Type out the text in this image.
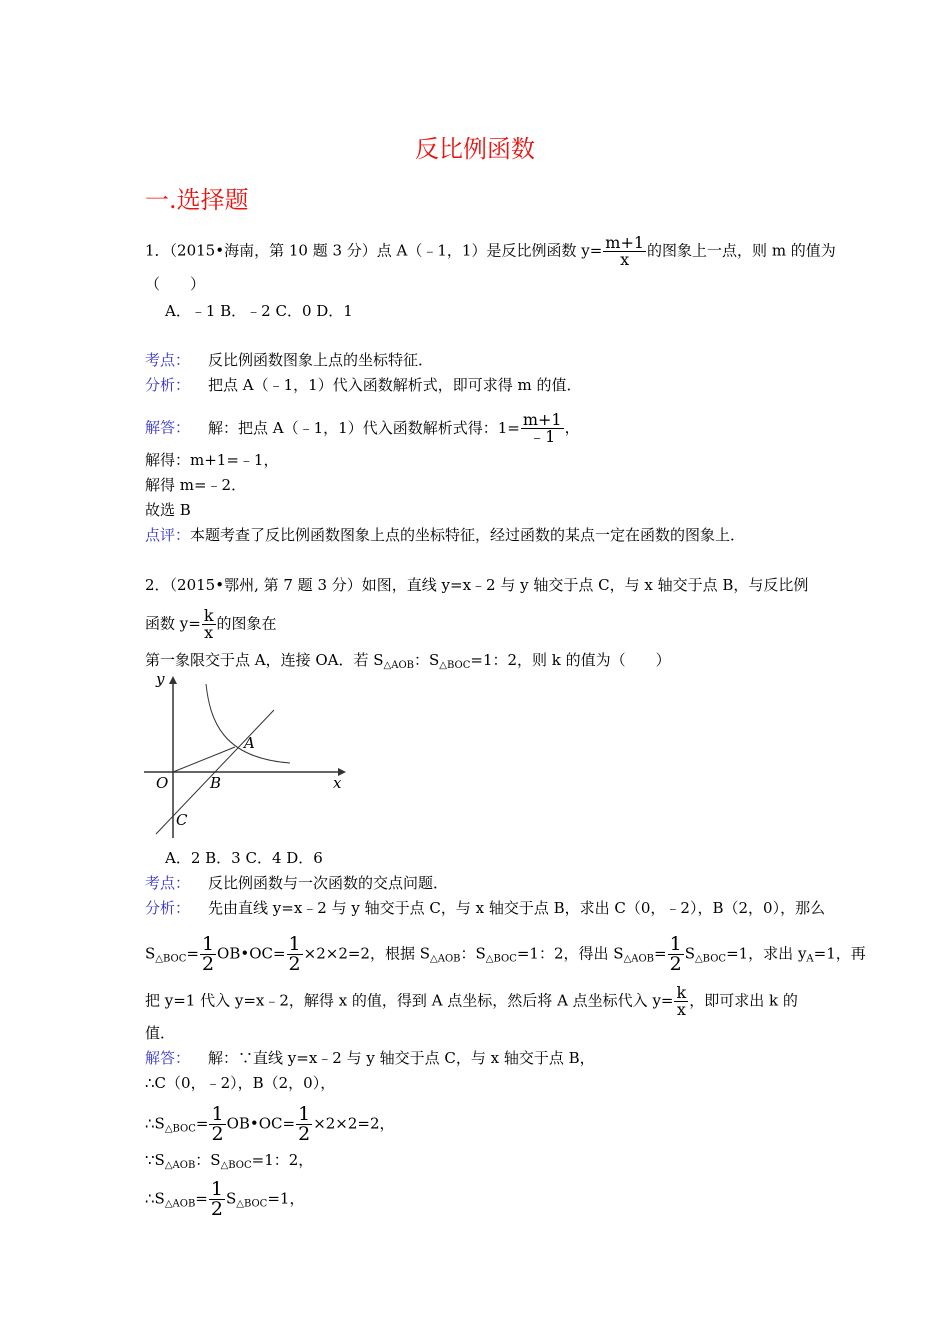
反比例函数
一.选择题
1．（2015•海南，第 10 题 3 分）点 A（﹣1，1）是反比例函数 $y= \frac{m+1}{x}$ 的图象上一点，则 m 的值为
（　　）
A．﹣1 B．﹣2 C．0 D．1
考点： 反比例函数图象上点的坐标特征．
分析： 把点 A（﹣1，1）代入函数解析式，即可求得 m 的值．
解答： 解：把点 A（﹣1，1）代入函数解析式得：$1= \frac{m+1}{﹣1}$ ，
解得：m+1=﹣1，
解得 m=﹣2．
故选 B
点评：本题考查了反比例函数图象上点的坐标特征，经过函数的某点一定在函数的图象上．
2．（2015•鄂州, 第 7 题 3 分）如图，直线 y=x﹣2 与 y 轴交于点 C，与 x 轴交于点 B，与反比例
函数 $y= \frac{k}{x}$ 的图象在
第一象限交于点 A，连接 OA．若 $S_{\triangle AOB}$：$S_{\triangle BOC}=1$：2，则 k 的值为（　　）
y
x
O
A
B
C
A．2 B．3 C．4 D．6
考点： 反比例函数与一次函数的交点问题．
分析： 先由直线 y=x﹣2 与 y 轴交于点 C，与 x 轴交于点 B，求出 C（0，﹣2），B（2，0），那么
$S_{\triangle BOC}= \frac{1}{2}$ OB•OC= $\frac{1}{2} \times 2\times 2=2$，根据 $S_{\triangle AOB}$：$S_{\triangle BOC}=1$：2，得出 $S_{\triangle AOB}= \frac{1}{2} S_{\triangle BOC}=1$，求出 $y_A=1$，再
把 y=1 代入 y=x﹣2，解得 x 的值，得到 A 点坐标，然后将 A 点坐标代入 $y= \frac{k}{x}$ ，即可求出 k 的
值．
解答： 解：∵直线 y=x﹣2 与 y 轴交于点 C，与 x 轴交于点 B，
∴C（0，﹣2），B（2，0），
$\therefore S_{\triangle BOC}= \frac{1}{2}$ OB•OC= $\frac{1}{2} \times 2\times 2=2$，
$\because S_{\triangle AOB}$：$S_{\triangle BOC}=1$：2，
$\therefore S_{\triangle AOB}= \frac{1}{2} S_{\triangle BOC}=1$，
